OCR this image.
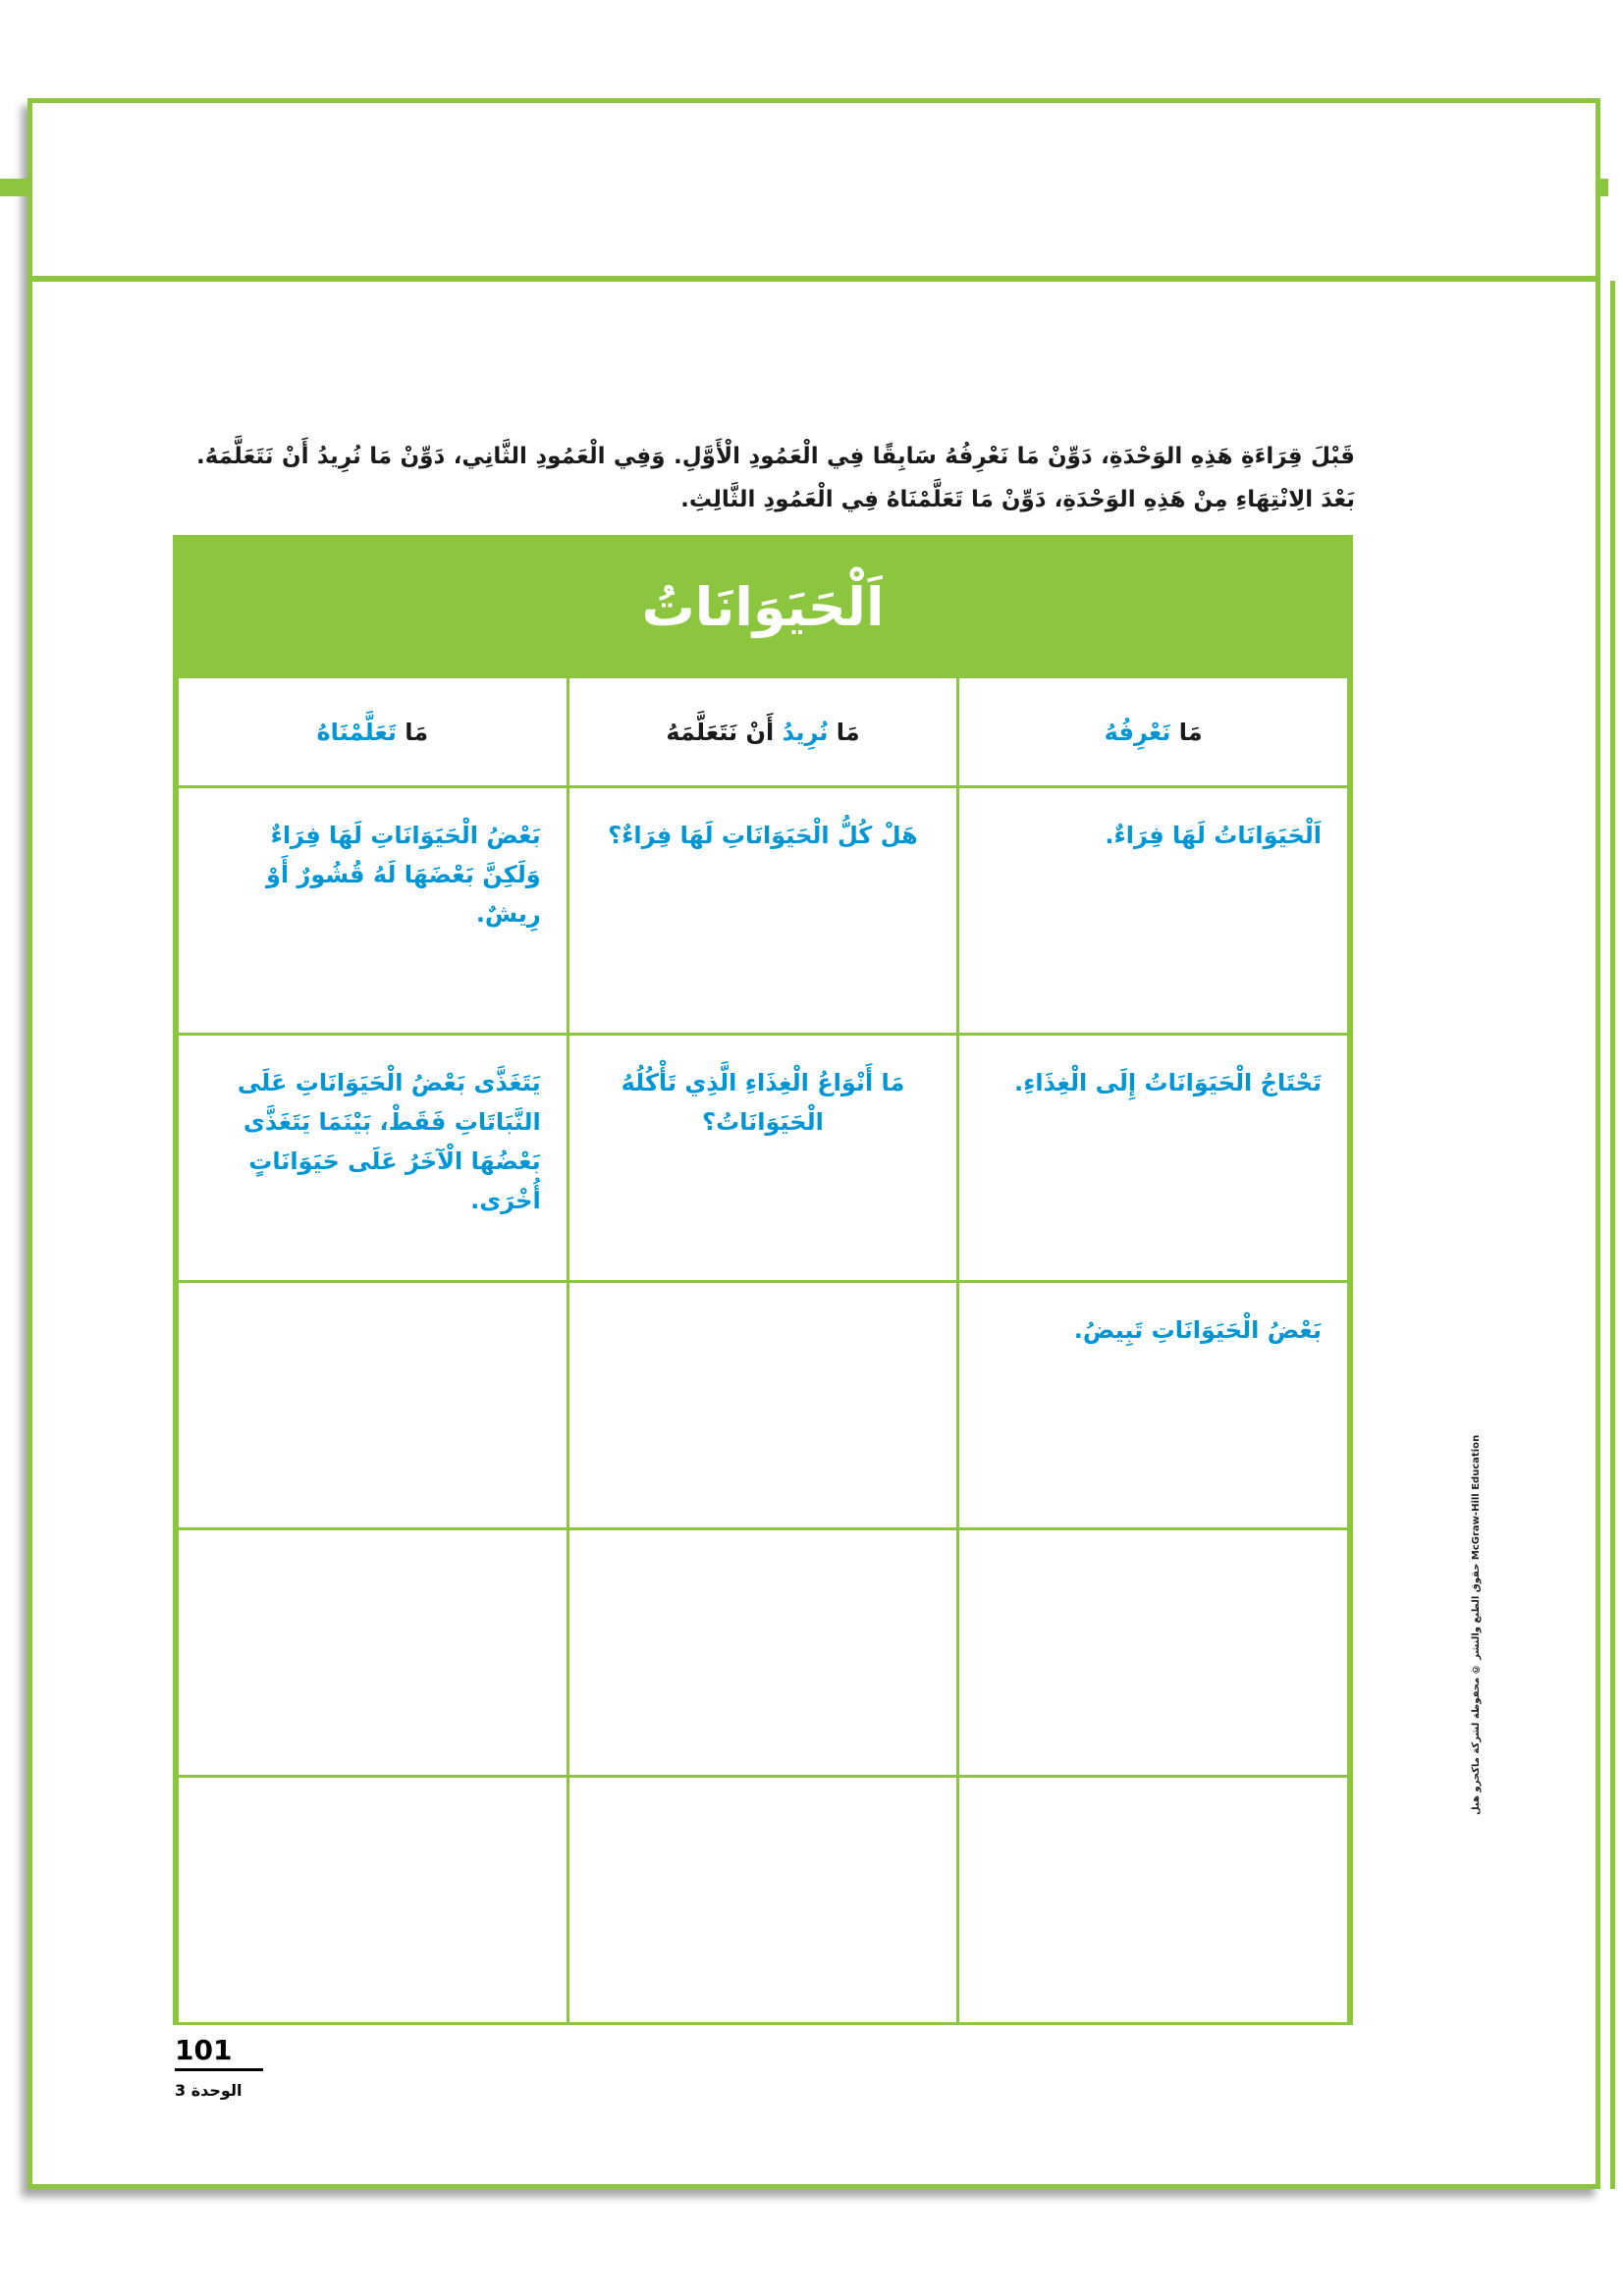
قَبْلَ قِرَاءَةِ هَذِهِ الوَحْدَةِ، دَوِّنْ مَا نَعْرِفُهُ سَابِقًا فِي الْعَمُودِ الْأَوَّلِ. وَفِي الْعَمُودِ الثَّانِي، دَوِّنْ مَا نُرِيدُ أَنْ نَتَعَلَّمَهُ. بَعْدَ الِانْتِهَاءِ مِنْ هَذِهِ الوَحْدَةِ، دَوِّنْ مَا تَعَلَّمْنَاهُ فِي الْعَمُودِ الثَّالِثِ.

اَلْحَيَوَانَاتُ
مَا نَعْرِفُهُ	مَا نُرِيدُ أَنْ نَتَعَلَّمَهُ	مَا تَعَلَّمْنَاهُ

اَلْحَيَوَانَاتُ لَهَا فِرَاءٌ.	هَلْ كُلُّ الْحَيَوَانَاتِ لَهَا فِرَاءٌ؟	بَعْضُ الْحَيَوَانَاتِ لَهَا فِرَاءٌ وَلَكِنَّ بَعْضَهَا لَهُ قُشُورٌ أَوْ رِيشٌ.

تَحْتَاجُ الْحَيَوَانَاتُ إِلَى الْغِذَاءِ.	مَا أَنْوَاعُ الْغِذَاءِ الَّذِي تَأْكُلُهُ الْحَيَوَانَاتُ؟	يَتَغَذَّى بَعْضُ الْحَيَوَانَاتِ عَلَى النَّبَاتَاتِ فَقَطْ، بَيْنَمَا يَتَغَذَّى بَعْضُهَا الْآخَرُ عَلَى حَيَوَانَاتٍ أُخْرَى.

بَعْضُ الْحَيَوَانَاتِ تَبِيضُ.		

101
الوحدة 3
حقوق الطبع والنشر © محفوظة لشركة ماكجرو هيل McGraw-Hill Education
